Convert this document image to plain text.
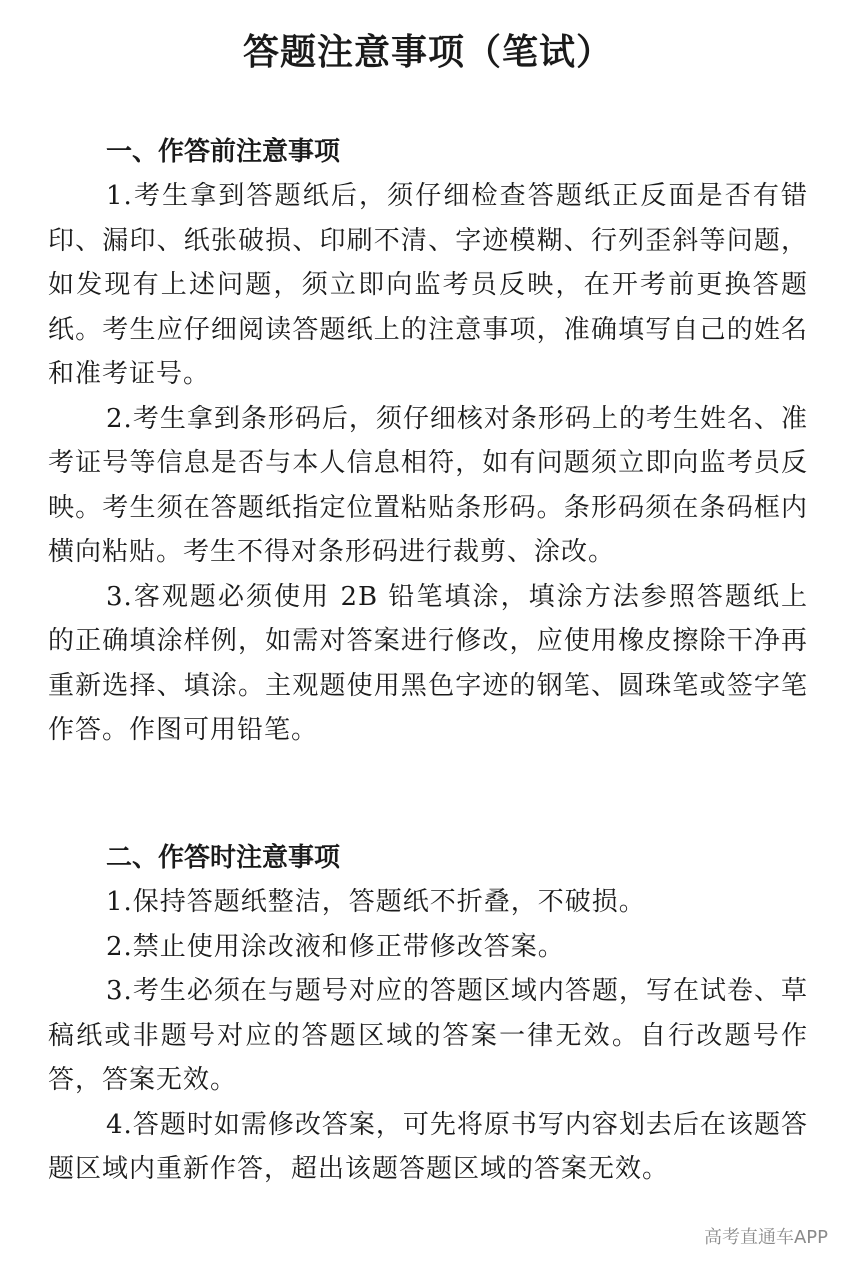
答题注意事项（笔试）
一、作答前注意事项

1.考生拿到答题纸后，须仔细检查答题纸正反面是否有错印、漏印、纸张破损、印刷不清、字迹模糊、行列歪斜等问题，如发现有上述问题，须立即向监考员反映，在开考前更换答题纸。考生应仔细阅读答题纸上的注意事项，准确填写自己的姓名和准考证号。

2.考生拿到条形码后，须仔细核对条形码上的考生姓名、准考证号等信息是否与本人信息相符，如有问题须立即向监考员反映。考生须在答题纸指定位置粘贴条形码。条形码须在条码框内横向粘贴。考生不得对条形码进行裁剪、涂改。

3.客观题必须使用 2B 铅笔填涂，填涂方法参照答题纸上的正确填涂样例，如需对答案进行修改，应使用橡皮擦除干净再重新选择、填涂。主观题使用黑色字迹的钢笔、圆珠笔或签字笔作答。作图可用铅笔。

二、作答时注意事项

1.保持答题纸整洁，答题纸不折叠，不破损。

2.禁止使用涂改液和修正带修改答案。

3.考生必须在与题号对应的答题区域内答题，写在试卷、草稿纸或非题号对应的答题区域的答案一律无效。自行改题号作答，答案无效。

4.答题时如需修改答案，可先将原书写内容划去后在该题答题区域内重新作答，超出该题答题区域的答案无效。

高考直通车APP
